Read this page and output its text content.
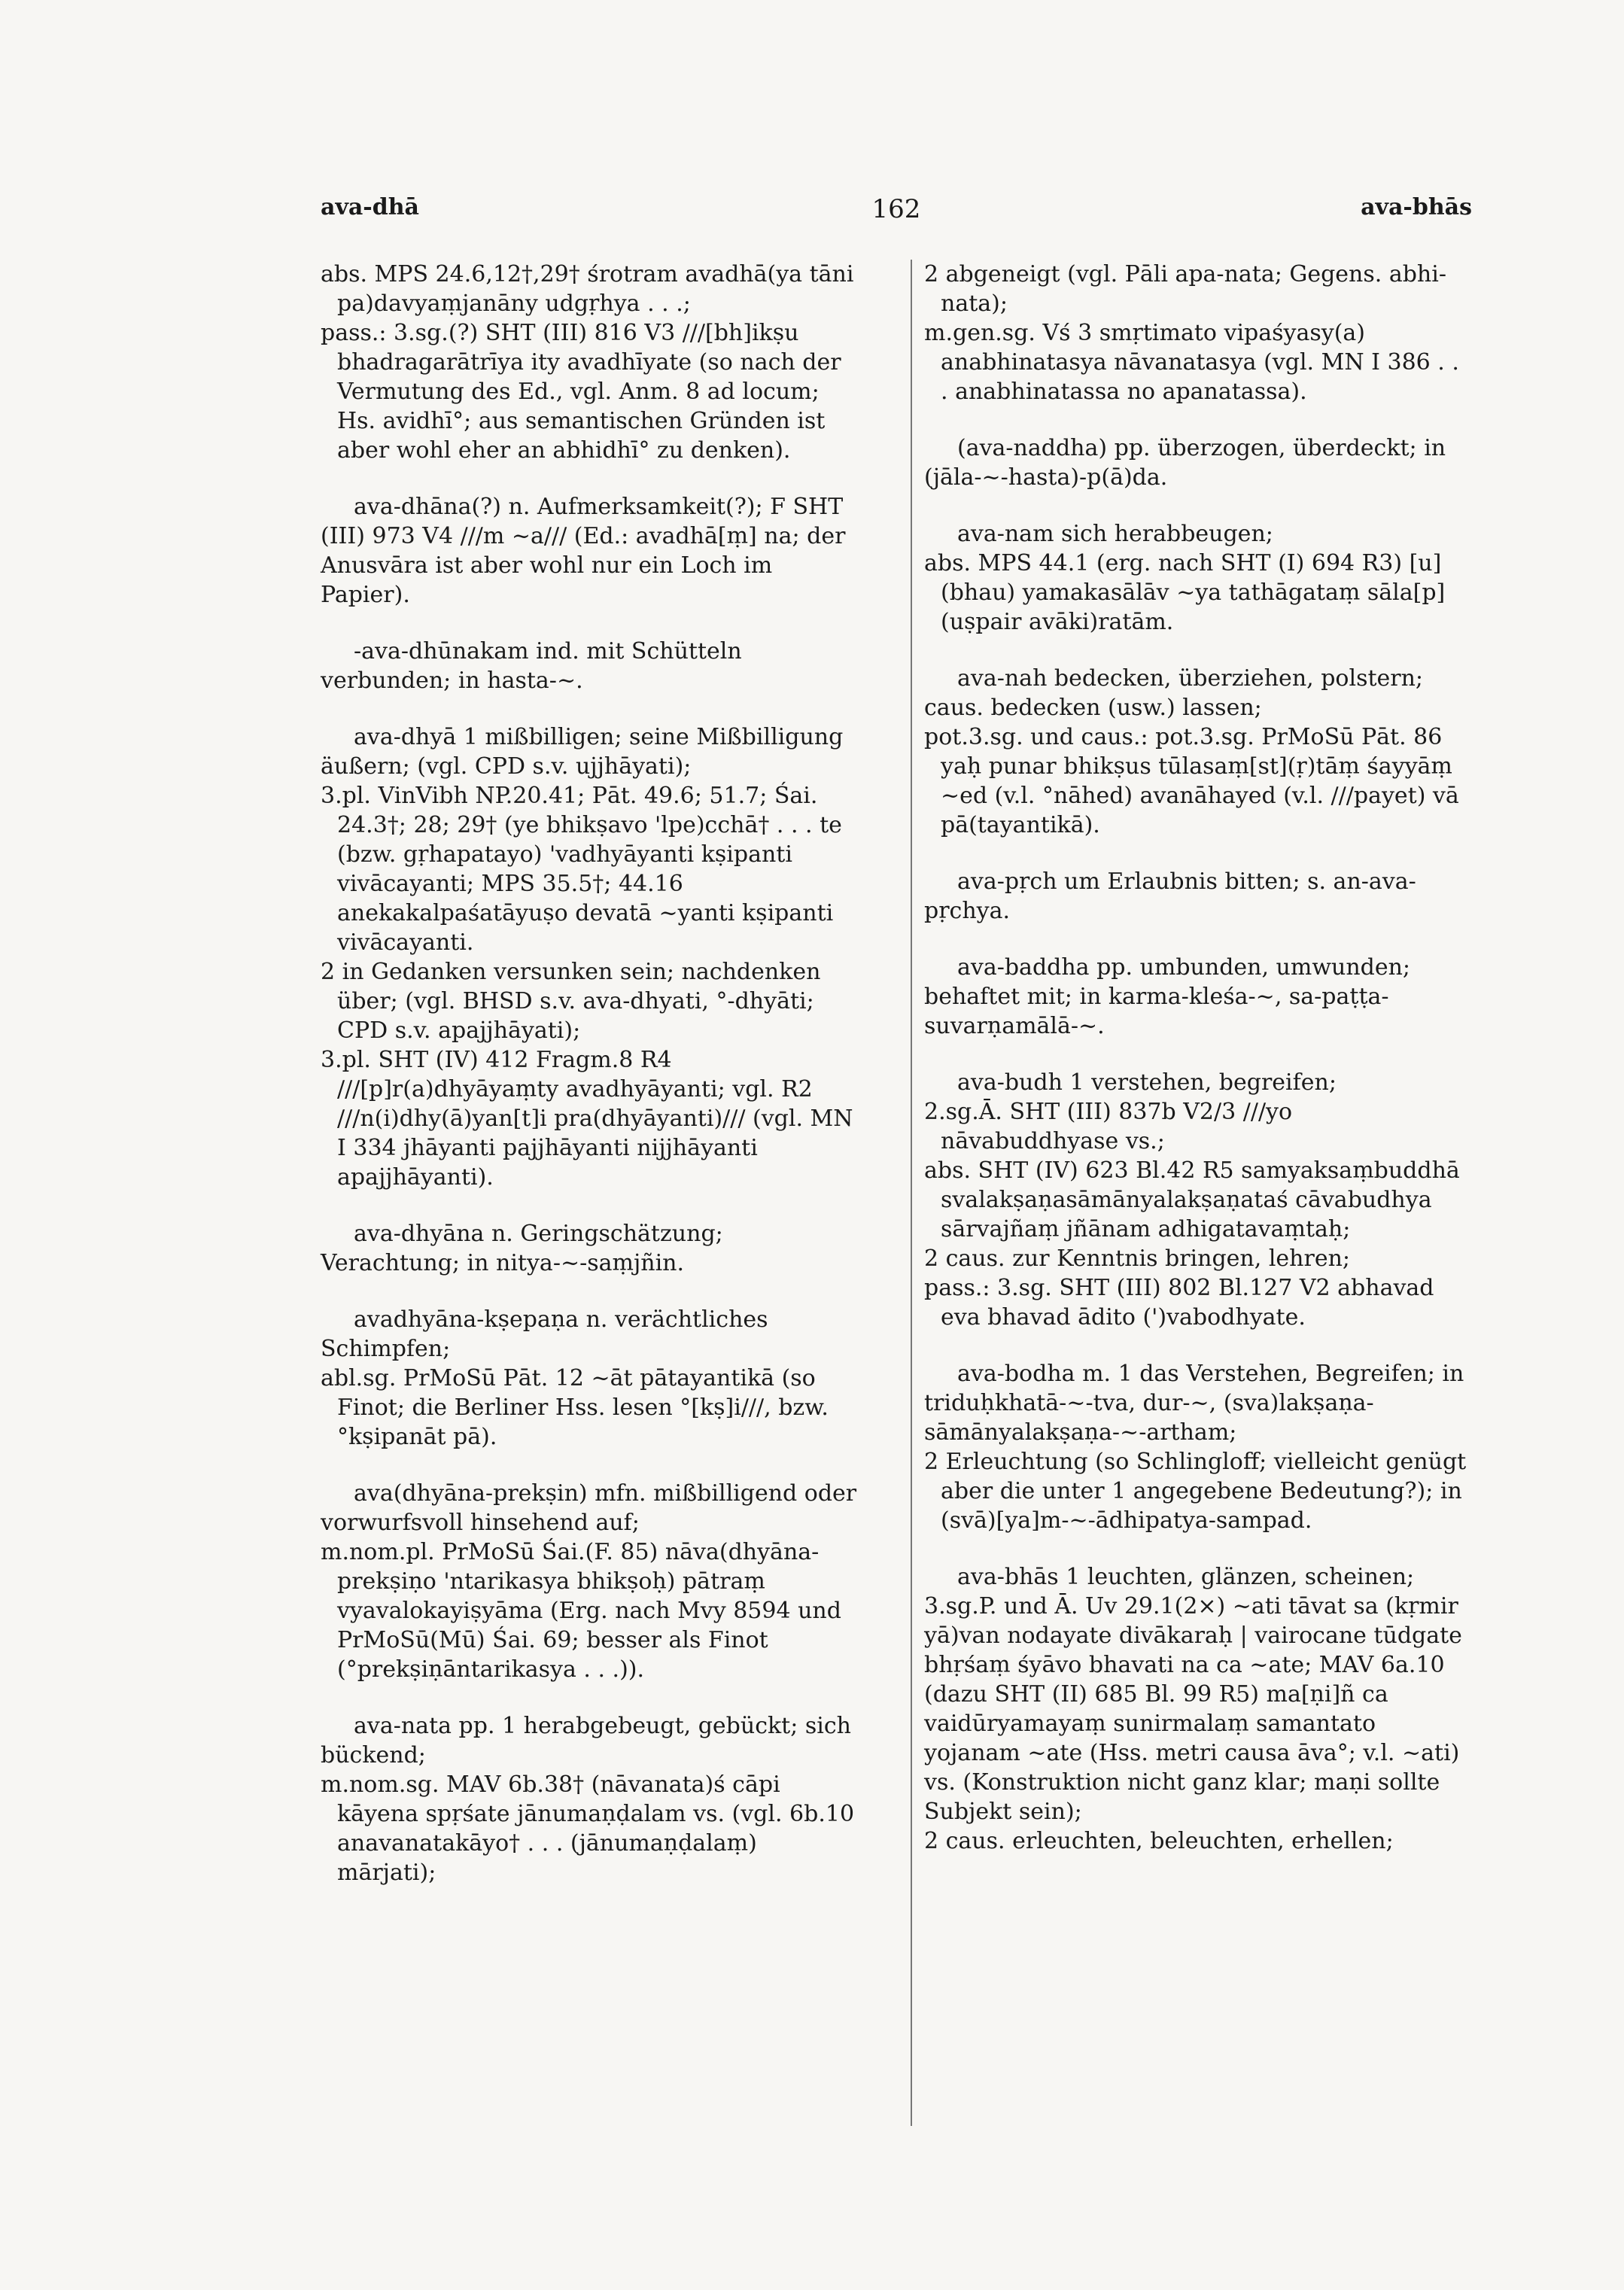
ava-dhā	162	ava-bhās

abs. MPS 24.6,12†,29† śrotram avadhā(ya tāni pa)davyaṃjanāny udgṛhya . . .;

pass.: 3.sg.(?) SHT (III) 816 V3 ///[bh]ikṣu bhadragarātrīya ity avadhīyate (so nach der Vermutung des Ed., vgl. Anm. 8 ad locum; Hs. avidhī°; aus semantischen Gründen ist aber wohl eher an abhidhī° zu denken).

ava-dhāna(?) n. Aufmerksamkeit(?); F SHT (III) 973 V4 ///m ~a/// (Ed.: avadhā[ṃ] na; der Anusvāra ist aber wohl nur ein Loch im Papier).

-ava-dhūnakam ind. mit Schütteln verbunden; in hasta-~.

ava-dhyā 1 mißbilligen; seine Mißbilligung äußern; (vgl. CPD s.v. ujjhāyati);

3.pl. VinVibh NP.20.41; Pāt. 49.6; 51.7; Śai. 24.3†; 28; 29† (ye bhikṣavo 'lpe)cchā† . . . te (bzw. gṛhapatayo) 'vadhyāyanti kṣipanti vivācayanti; MPS 35.5†; 44.16 anekakalpaśatāyuṣo devatā ~yanti kṣipanti vivācayanti.

2 in Gedanken versunken sein; nachdenken über; (vgl. BHSD s.v. ava-dhyati, °-dhyāti; CPD s.v. apajjhāyati);

3.pl. SHT (IV) 412 Fragm.8 R4 ///[p]r(a)dhyāyaṃty avadhyāyanti; vgl. R2 ///n(i)dhy(ā)yan[t]i pra(dhyāyanti)/// (vgl. MN I 334 jhāyanti pajjhāyanti nijjhāyanti apajjhāyanti).

ava-dhyāna n. Geringschätzung; Verachtung; in nitya-~-saṃjñin.

avadhyāna-kṣepaṇa n. verächtliches Schimpfen;

abl.sg. PrMoSū Pāt. 12 ~āt pātayantikā (so Finot; die Berliner Hss. lesen °[kṣ]i///, bzw. °kṣipanāt pā).

ava(dhyāna-prekṣin) mfn. mißbilligend oder vorwurfsvoll hinsehend auf;

m.nom.pl. PrMoSū Śai.(F. 85) nāva(dhyāna-prekṣiṇo 'ntarikasya bhikṣoḥ) pātraṃ vyavalokayiṣyāma (Erg. nach Mvy 8594 und PrMoSū(Mū) Śai. 69; besser als Finot (°prekṣiṇāntarikasya . . .)).

ava-nata pp. 1 herabgebeugt, gebückt; sich bückend;

m.nom.sg. MAV 6b.38† (nāvanata)ś cāpi kāyena spṛśate jānumaṇḍalam vs. (vgl. 6b.10 anavanatakāyo† . . . (jānumaṇḍalaṃ) mārjati);

2 abgeneigt (vgl. Pāli apa-nata; Gegens. abhi-nata);

m.gen.sg. Vś 3 smṛtimato vipaśyasy(a) anabhinatasya nāvanatasya (vgl. MN I 386 . . . anabhinatassa no apanatassa).

(ava-naddha) pp. überzogen, überdeckt; in (jāla-~-hasta)-p(ā)da.

ava-nam sich herabbeugen;

abs. MPS 44.1 (erg. nach SHT (I) 694 R3) [u](bhau) yamakasālāv ~ya tathāgataṃ sāla[p](uṣpair avāki)ratām.

ava-nah bedecken, überziehen, polstern; caus. bedecken (usw.) lassen;

pot.3.sg. und caus.: pot.3.sg. PrMoSū Pāt. 86 yaḥ punar bhikṣus tūlasaṃ[st](ṛ)tāṃ śayyāṃ ~ed (v.l. °nāhed) avanāhayed (v.l. ///payet) vā pā(tayantikā).

ava-pṛch um Erlaubnis bitten; s. an-ava-pṛchya.

ava-baddha pp. umbunden, umwunden; behaftet mit; in karma-kleśa-~, sa-paṭṭa-suvarṇamālā-~.

ava-budh 1 verstehen, begreifen;

2.sg.Ā. SHT (III) 837b V2/3 ///yo nāvabuddhyase vs.;

abs. SHT (IV) 623 Bl.42 R5 samyaksaṃbuddhā svalakṣaṇasāmānyalakṣaṇataś cāvabudhya sārvajñaṃ jñānam adhigatavaṃtaḥ;

2 caus. zur Kenntnis bringen, lehren;

pass.: 3.sg. SHT (III) 802 Bl.127 V2 abhavad eva bhavad ādito (')vabodhyate.

ava-bodha m. 1 das Verstehen, Begreifen; in triduḥkhatā-~-tva, dur-~, (sva)lakṣaṇa-sāmānyalakṣaṇa-~-artham;

2 Erleuchtung (so Schlingloff; vielleicht genügt aber die unter 1 angegebene Bedeutung?); in (svā)[ya]m-~-ādhipatya-sampad.

ava-bhās 1 leuchten, glänzen, scheinen; 3.sg.P. und Ā. Uv 29.1(2×) ~ati tāvat sa (kṛmir yā)van nodayate divākaraḥ | vairocane tūdgate bhṛśaṃ śyāvo bhavati na ca ~ate; MAV 6a.10 (dazu SHT (II) 685 Bl. 99 R5) ma[ṇi]ñ ca vaidūryamayaṃ sunirmalaṃ samantato yojanam ~ate (Hss. metri causa āva°; v.l. ~ati) vs. (Konstruktion nicht ganz klar; maṇi sollte Subjekt sein);

2 caus. erleuchten, beleuchten, erhellen;
